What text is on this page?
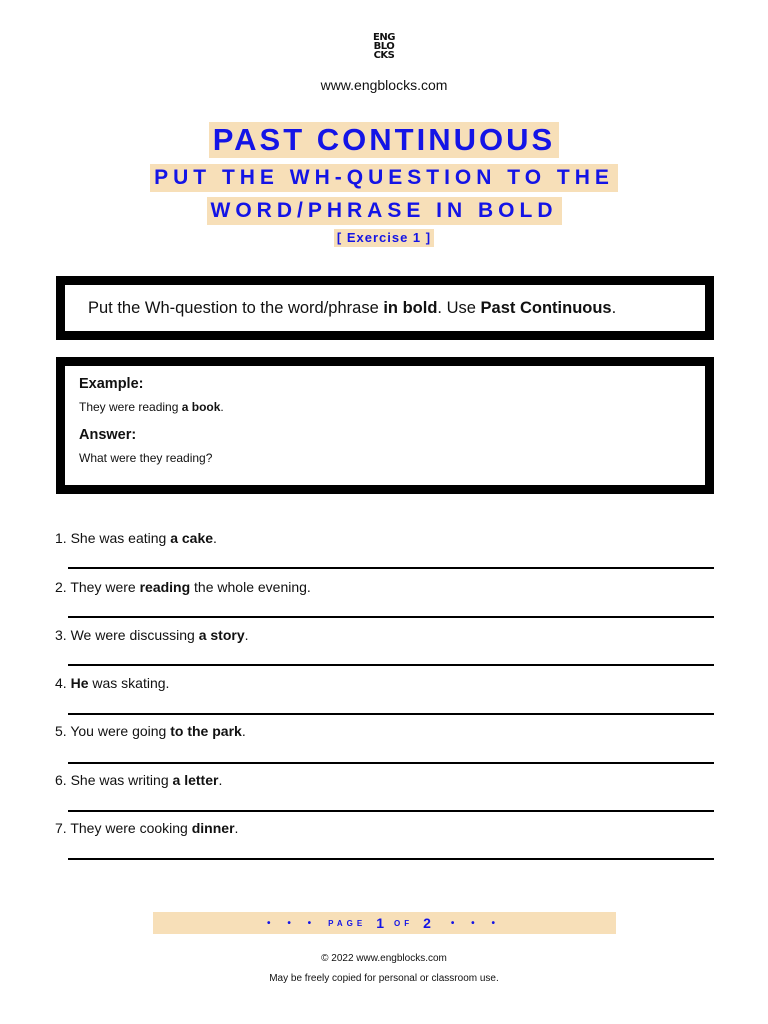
ENG
BLO
CKS
www.engblocks.com
PAST CONTINUOUS
PUT THE WH-QUESTION TO THE
WORD/PHRASE IN BOLD
[ Exercise 1 ]
Put the Wh-question to the word/phrase in bold. Use Past Continuous.
Example:
They were reading a book.
Answer:
What were they reading?
1. She was eating a cake.
2. They were reading the whole evening.
3. We were discussing a story.
4. He was skating.
5. You were going to the park.
6. She was writing a letter.
7. They were cooking dinner.
• • • PAGE 1 OF 2 • • •
© 2022 www.engblocks.com
May be freely copied for personal or classroom use.
